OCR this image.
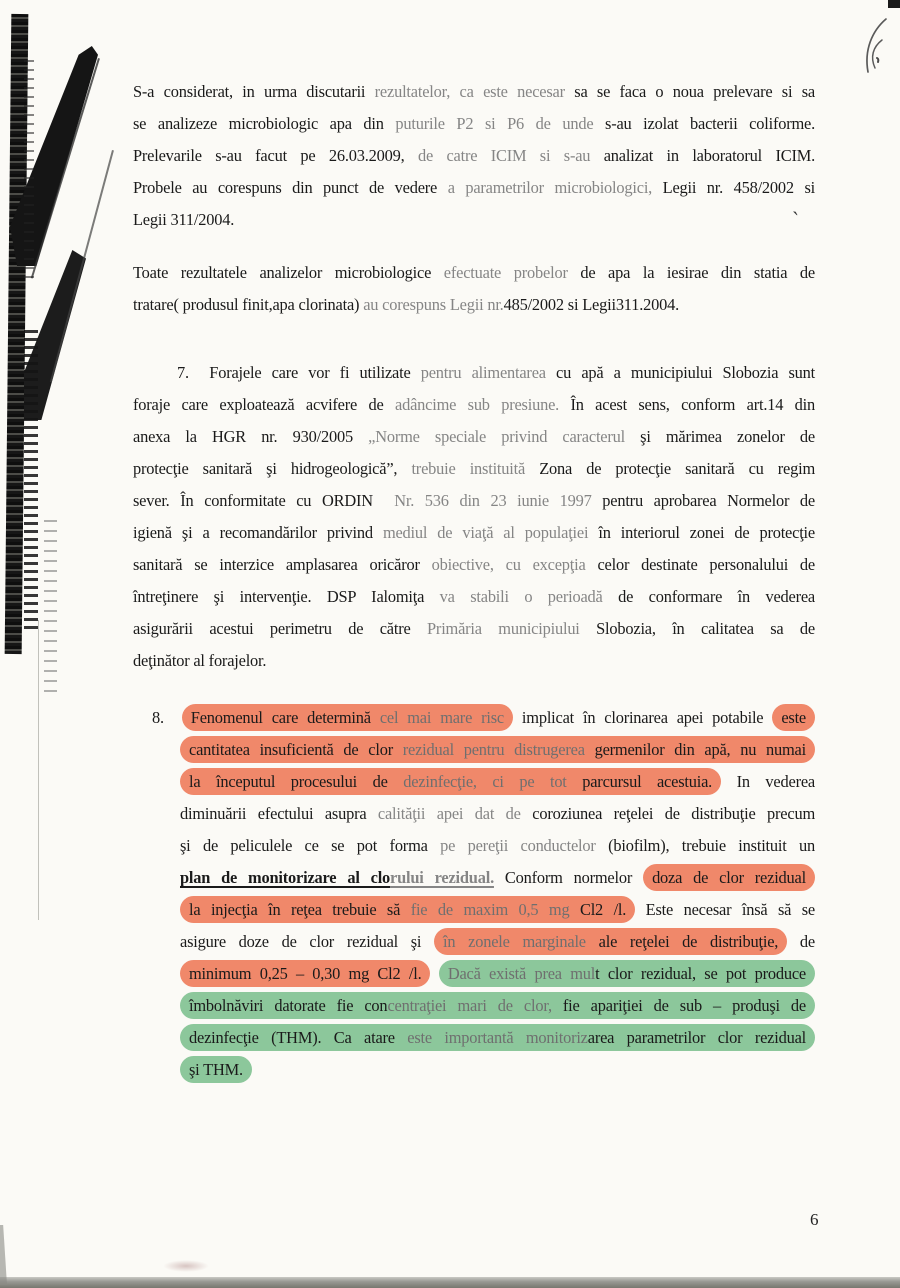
`
S-a considerat, in urma discutarii rezultatelor, ca este necesar sa se faca o noua prelevare si sa
se analizeze microbiologic apa din puturile P2 si P6 de unde s-au izolat bacterii coliforme.
Prelevarile s-au facut pe 26.03.2009, de catre ICIM si s-au analizat in laboratorul ICIM.
Probele au corespuns din punct de vedere a parametrilor microbiologici, Legii nr. 458/2002 si
Legii 311/2004.
Toate rezultatele analizelor microbiologice efectuate probelor de apa la iesirae din statia de
tratare( produsul finit,apa clorinata) au corespuns Legii nr.485/2002 si Legii311.2004.
7.  Forajele care vor fi utilizate pentru alimentarea cu apă a municipiului Slobozia sunt
foraje care exploatează acvifere de adâncime sub presiune. În acest sens, conform art.14 din
anexa la HGR nr. 930/2005 „Norme speciale privind caracterul şi mărimea zonelor de
protecţie sanitară şi hidrogeologică”, trebuie instituită Zona de protecţie sanitară cu regim
sever. În conformitate cu ORDIN  Nr. 536 din 23 iunie 1997 pentru aprobarea Normelor de
igienă şi a recomandărilor privind mediul de viaţă al populaţiei în interiorul zonei de protecţie
sanitară se interzice amplasarea oricăror obiective, cu excepţia celor destinate personalului de
întreţinere şi intervenţie. DSP Ialomiţa va stabili o perioadă de conformare în vederea
asigurării acestui perimetru de către Primăria municipiului Slobozia, în calitatea sa de
deţinător al forajelor.
8.  Fenomenul care determină cel mai mare risc implicat în clorinarea apei potabile este
cantitatea insuficientă de clor rezidual pentru distrugerea germenilor din apă, nu numai
la începutul procesului de dezinfecţie, ci pe tot parcursul acestuia. In vederea
diminuării efectului asupra calităţii apei dat de coroziunea reţelei de distribuţie precum
şi de peliculele ce se pot forma pe pereţii conductelor (biofilm), trebuie instituit un
plan de monitorizare al clorului rezidual. Conform normelor doza de clor rezidual
la injecţia în reţea trebuie să fie de maxim 0,5 mg Cl2 /l. Este necesar însă să se
asigure doze de clor rezidual şi în zonele marginale ale reţelei de distribuţie, de
minimum 0,25 – 0,30 mg Cl2 /l. Dacă există prea mult clor rezidual, se pot produce
îmbolnăviri datorate fie concentraţiei mari de clor, fie apariţiei de sub – produşi de
dezinfecţie (THM). Ca atare este importantă monitorizarea parametrilor clor rezidual
şi THM.
6
